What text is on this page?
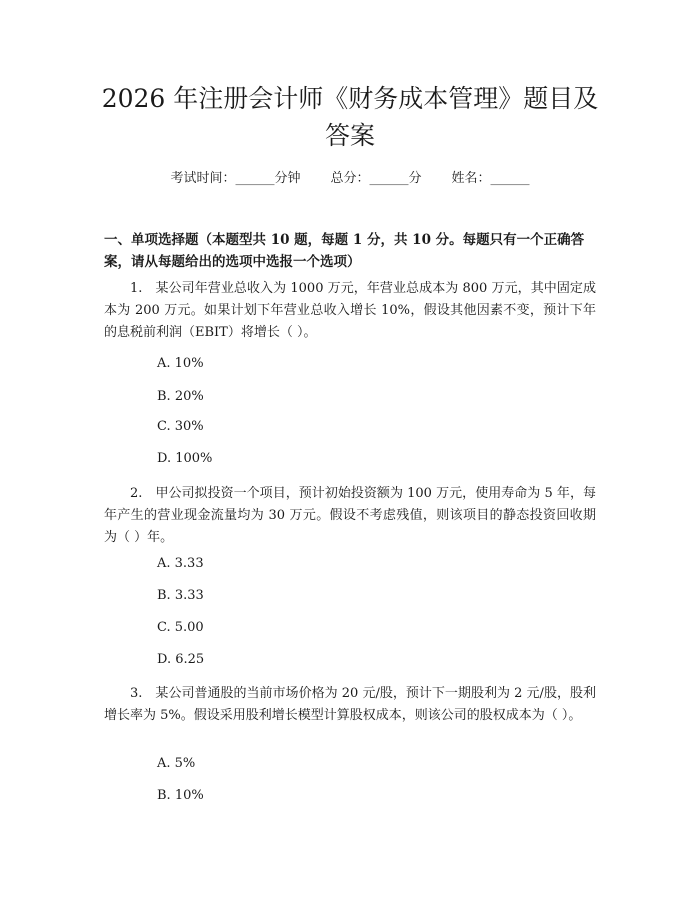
2026 年注册会计师《财务成本管理》题目及答案
考试时间：______分钟 总分：______分 姓名：______

一、单项选择题（本题型共 10 题，每题 1 分，共 10 分。每题只有一个正确答案，请从每题给出的选项中选报一个选项）

1.　某公司年营业总收入为 1000 万元，年营业总成本为 800 万元，其中固定成本为 200 万元。如果计划下年营业总收入增长 10%，假设其他因素不变，预计下年的息税前利润（EBIT）将增长（ ）。

A. 10%

B. 20%

C. 30%

D. 100%

2.　甲公司拟投资一个项目，预计初始投资额为 100 万元，使用寿命为 5 年，每年产生的营业现金流量均为 30 万元。假设不考虑残值，则该项目的静态投资回收期为（ ）年。

A. 3.33

B. 3.33

C. 5.00

D. 6.25

3.　某公司普通股的当前市场价格为 20 元/股，预计下一期股利为 2 元/股，股利增长率为 5%。假设采用股利增长模型计算股权成本，则该公司的股权成本为（ ）。

A. 5%

B. 10%
